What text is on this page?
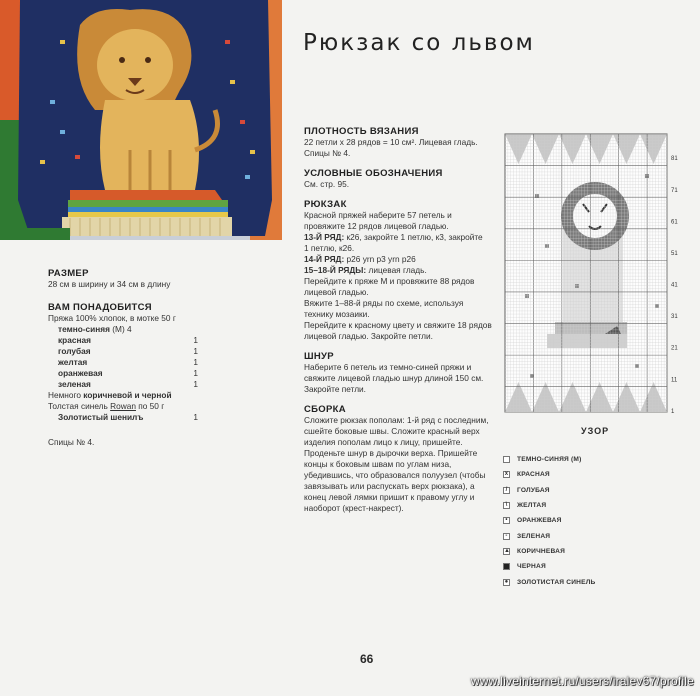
Рюкзак со львом

РАЗМЕР

28 см в ширину и 34 см в длину

ВАМ ПОНАДОБИТСЯ

Пряжа 100% хлопок, в мотке 50 г

темно-синяя (М) 4
красная	1
голубая	1
желтая	1
оранжевая	1
зеленая	1

Немного коричневой и черной

Толстая синель Rowan по 50 г

Золотистый шенилъ	1

Спицы № 4.

ПЛОТНОСТЬ ВЯЗАНИЯ

22 петли х 28 рядов = 10 см². Лицевая гладь.

Спицы № 4.

УСЛОВНЫЕ ОБОЗНАЧЕНИЯ

См. стр. 95.

РЮКЗАК

Красной пряжей наберите 57 петель и

провяжите 12 рядов лицевой гладью.

13-Й РЯД: к26, закройте 1 петлю, к3, закройте

1 петлю, к26.

14-Й РЯД: р26 yrn р3 yrn р26

15–18-Й РЯДЫ: лицевая гладь.

Перейдите к пряже М и провяжите 88 рядов

лицевой гладью.

Вяжите 1–88-й ряды по схеме, используя

технику мозаики.

Перейдите к красному цвету и свяжите 18 рядов

лицевой гладью. Закройте петли.

ШНУР

Наберите 6 петель из темно-синей пряжи и

свяжите лицевой гладью шнур длиной 150 см.

Закройте петли.

СБОРКА

Сложите рюкзак пополам: 1-й ряд с последним,

сшейте боковые швы. Сложите красный верх

изделия пополам лицо к лицу, пришейте.

Проденьте шнур в дырочки верха. Пришейте

концы к боковым швам по углам низа,

убедившись, что образовался полуузел (чтобы

завязывать или распускать верх рюкзака), а

конец левой лямки пришит к правому углу и

наоборот (крест-накрест).

1
11
21
31
41
51
61
71
81
УЗОР
ТЕМНО-СИНЯЯ (М)
x КРАСНАЯ
/	ГОЛУБАЯ
\	ЖЕЛТАЯ
•	ОРАНЖЕВАЯ
-	ЗЕЛЕНАЯ
▲ КОРИЧНЕВАЯ
ЧЕРНАЯ
● ЗОЛОТИСТАЯ СИНЕЛЬ
66
www.liveinternet.ru/users/iralev67/profile
